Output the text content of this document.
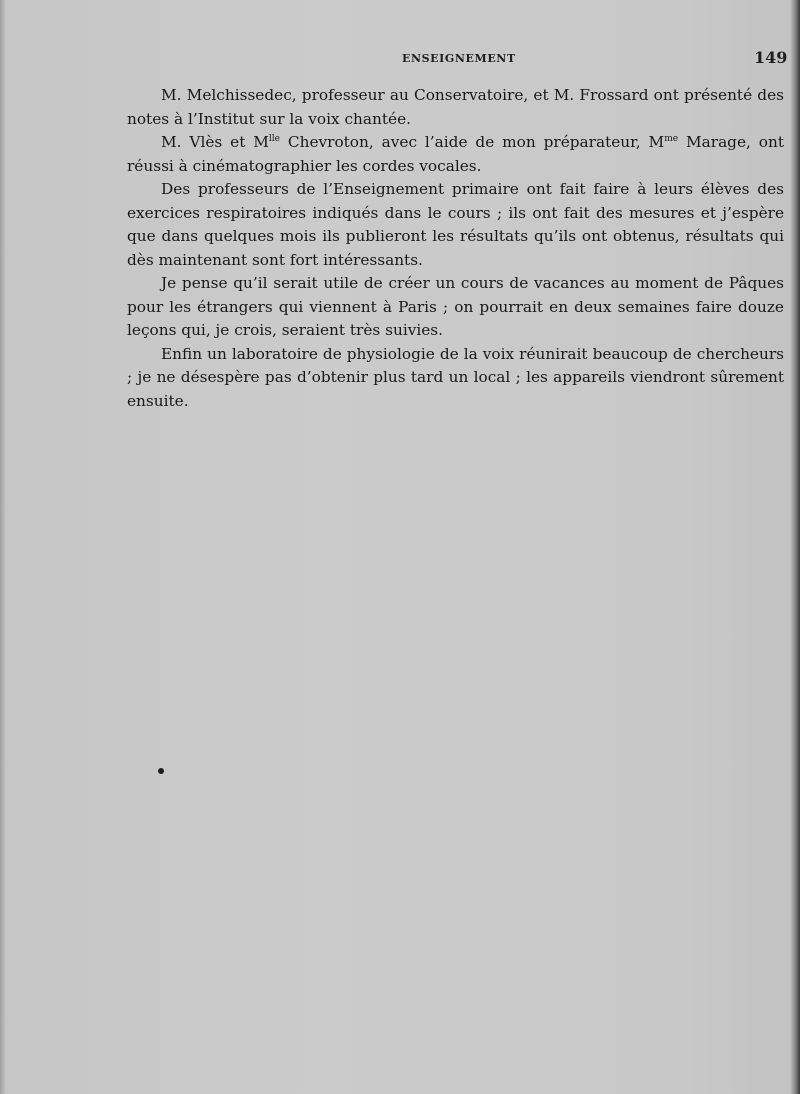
ENSEIGNEMENT	149

M. Melchissedec, professeur au Conservatoire, et M. Frossard ont présenté des notes à l’Institut sur la voix chantée.

M. Vlès et $M^{lle}$ Chevroton, avec l’aide de mon préparateur, $M^{me}$ Marage, ont réussi à cinématographier les cordes vocales.

Des professeurs de l’Enseignement primaire ont fait faire à leurs élèves des exercices respiratoires indiqués dans le cours ; ils ont fait des mesures et j’espère que dans quelques mois ils publieront les résultats qu’ils ont obtenus, résultats qui dès maintenant sont fort intéressants.

Je pense qu’il serait utile de créer un cours de vacances au moment de Pâques pour les étrangers qui viennent à Paris ; on pourrait en deux semaines faire douze leçons qui, je crois, seraient très suivies.

Enfin un laboratoire de physiologie de la voix réunirait beaucoup de chercheurs ; je ne désespère pas d’obtenir plus tard un local ; les appareils viendront sûrement ensuite.
